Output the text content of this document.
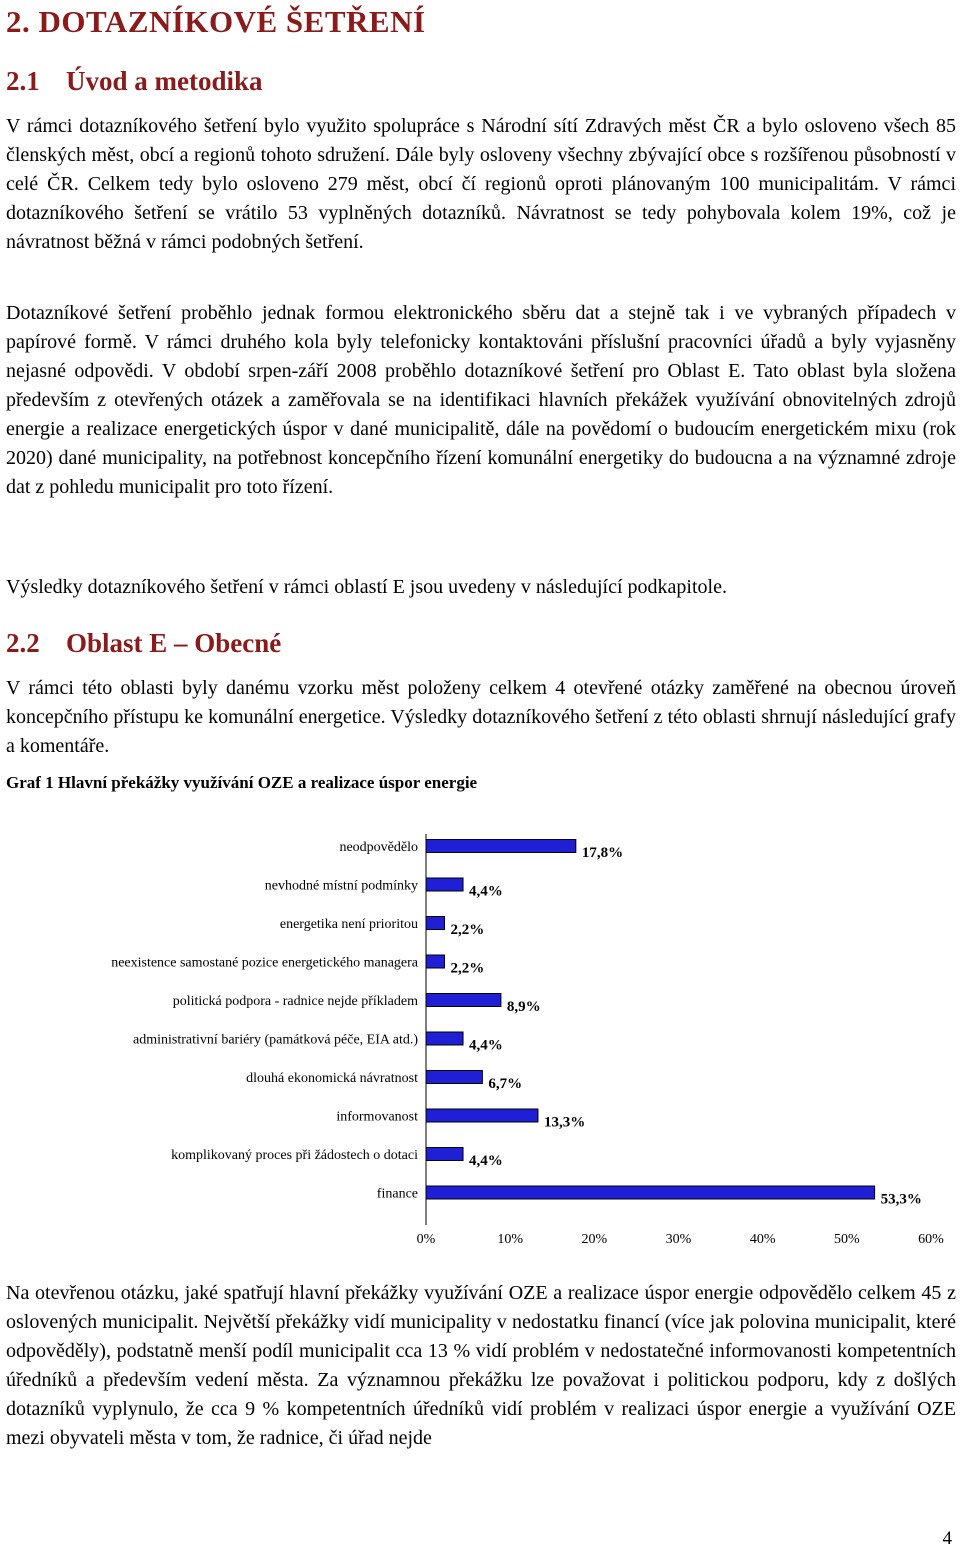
2. DOTAZNÍKOVÉ ŠETŘENÍ
2.1 Úvod a metodika

V rámci dotazníkového šetření bylo využito spolupráce s Národní sítí Zdravých měst ČR a bylo osloveno všech 85 členských měst, obcí a regionů tohoto sdružení. Dále byly osloveny všechny zbývající obce s rozšířenou působností v celé ČR. Celkem tedy bylo osloveno 279 měst, obcí čí regionů oproti plánovaným 100 municipalitám. V rámci dotazníkového šetření se vrátilo 53 vyplněných dotazníků. Návratnost se tedy pohybovala kolem 19%, což je návratnost běžná v rámci podobných šetření.

Dotazníkové šetření proběhlo jednak formou elektronického sběru dat a stejně tak i ve vybraných případech v papírové formě. V rámci druhého kola byly telefonicky kontaktováni příslušní pracovníci úřadů a byly vyjasněny nejasné odpovědi. V období srpen-září 2008 proběhlo dotazníkové šetření pro Oblast E. Tato oblast byla složena především z otevřených otázek a zaměřovala se na identifikaci hlavních překážek využívání obnovitelných zdrojů energie a realizace energetických úspor v dané municipalitě, dále na povědomí o budoucím energetickém mixu (rok 2020) dané municipality, na potřebnost koncepčního řízení komunální energetiky do budoucna a na významné zdroje dat z pohledu municipalit pro toto řízení.

Výsledky dotazníkového šetření v rámci oblastí E jsou uvedeny v následující podkapitole.

2.2 Oblast E – Obecné

V rámci této oblasti byly danému vzorku měst položeny celkem 4 otevřené otázky zaměřené na obecnou úroveň koncepčního přístupu ke komunální energetice. Výsledky dotazníkového šetření z této oblasti shrnují následující grafy a komentáře.

Graf 1 Hlavní překážky využívání OZE a realizace úspor energie
neodpovědělo	17,8%
nevhodné místní podmínky	4,4%
energetika není prioritou 2,2%
neexistence samostané pozice energetického managera 2,2%
politická podpora - radnice nejde příkladem	8,9%
administrativní bariéry (památková péče, EIA atd.)	4,4%
dlouhá ekonomická návratnost	6,7%
informovanost	13,3%
komplikovaný proces při žádostech o dotaci	4,4%
finance	53,3%
0%	10%	20%	30%	40%	50%	60%

Na otevřenou otázku, jaké spatřují hlavní překážky využívání OZE a realizace úspor energie odpovědělo celkem 45 z oslovených municipalit. Největší překážky vidí municipality v nedostatku financí (více jak polovina municipalit, které odpověděly), podstatně menší podíl municipalit cca 13 % vidí problém v nedostatečné informovanosti kompetentních úředníků a především vedení města. Za významnou překážku lze považovat i politickou podporu, kdy z došlých dotazníků vyplynulo, že cca 9 % kompetentních úředníků vidí problém v realizaci úspor energie a využívání OZE mezi obyvateli města v tom, že radnice, či úřad nejde

4
